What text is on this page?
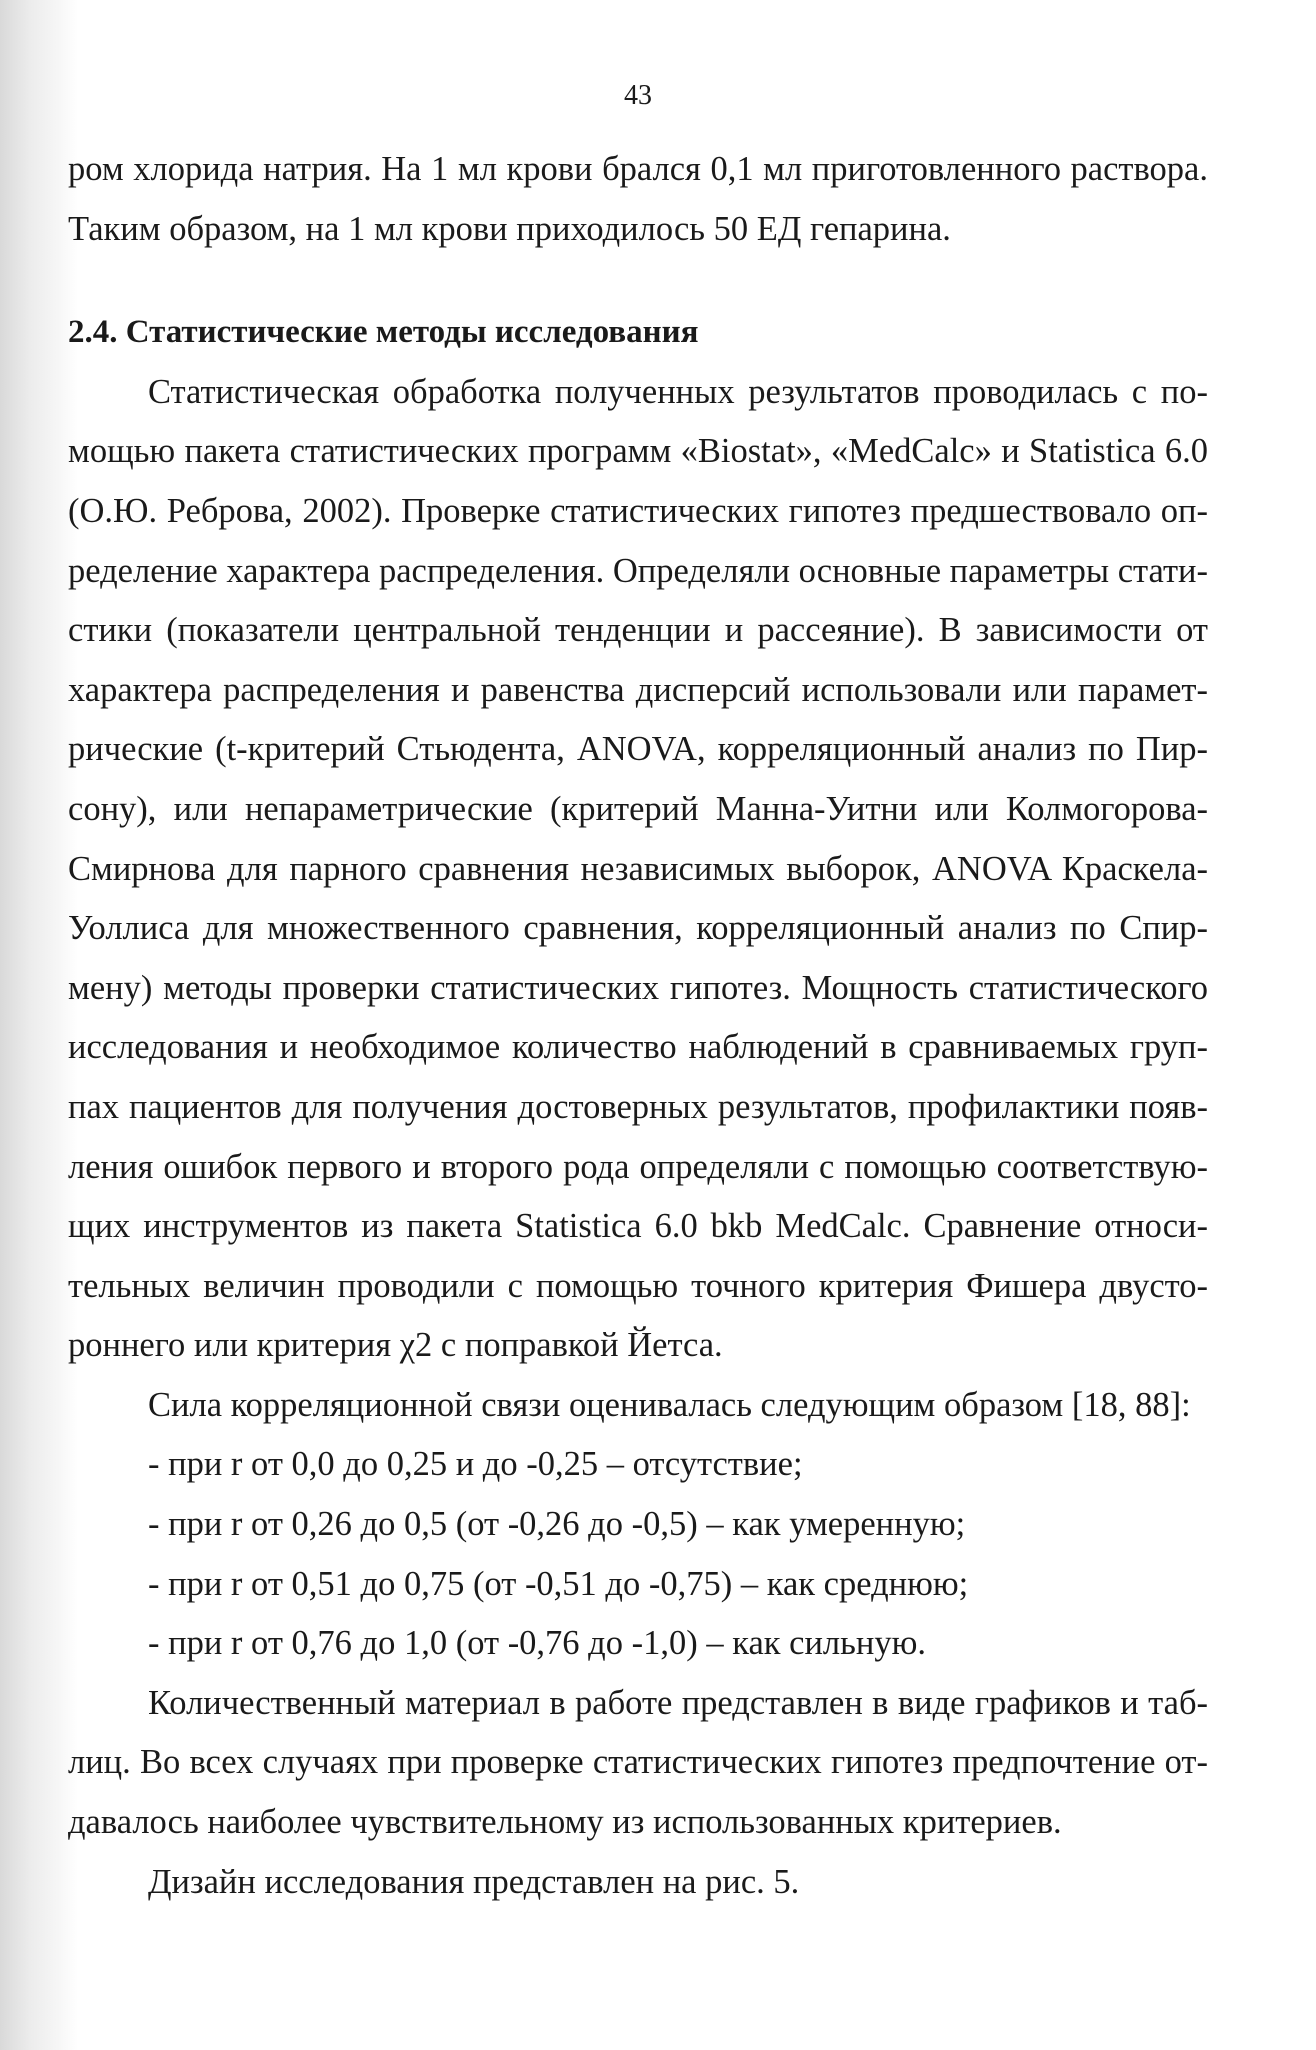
43
ром хлорида натрия. На 1 мл крови брался 0,1 мл приготовленного раствора.
Таким образом, на 1 мл крови приходилось 50 ЕД гепарина.
2.4. Статистические методы исследования
Статистическая обработка полученных результатов проводилась с по-
мощью пакета статистических программ «Biostat», «MedCalc» и Statistica 6.0
(О.Ю. Реброва, 2002). Проверке статистических гипотез предшествовало оп-
ределение характера распределения. Определяли основные параметры стати-
стики (показатели центральной тенденции и рассеяние). В зависимости от
характера распределения и равенства дисперсий использовали или парамет-
рические (t-критерий Стьюдента, ANOVA, корреляционный анализ по Пир-
сону), или непараметрические (критерий Манна-Уитни или Колмогорова-
Смирнова для парного сравнения независимых выборок, ANOVA Краскела-
Уоллиса для множественного сравнения, корреляционный анализ по Спир-
мену) методы проверки статистических гипотез. Мощность статистического
исследования и необходимое количество наблюдений в сравниваемых груп-
пах пациентов для получения достоверных результатов, профилактики появ-
ления ошибок первого и второго рода определяли с помощью соответствую-
щих инструментов из пакета Statistica 6.0 bkb MedCalc. Сравнение относи-
тельных величин проводили с помощью точного критерия Фишера двусто-
роннего или критерия χ2 с поправкой Йетса.
Сила корреляционной связи оценивалась следующим образом [18, 88]:
- при r от 0,0 до 0,25 и до -0,25 – отсутствие;
- при r от 0,26 до 0,5 (от -0,26 до -0,5) – как умеренную;
- при r от 0,51 до 0,75 (от -0,51 до -0,75) – как среднюю;
- при r от 0,76 до 1,0 (от -0,76 до -1,0) – как сильную.
Количественный материал в работе представлен в виде графиков и таб-
лиц. Во всех случаях при проверке статистических гипотез предпочтение от-
давалось наиболее чувствительному из использованных критериев.
Дизайн исследования представлен на рис. 5.
